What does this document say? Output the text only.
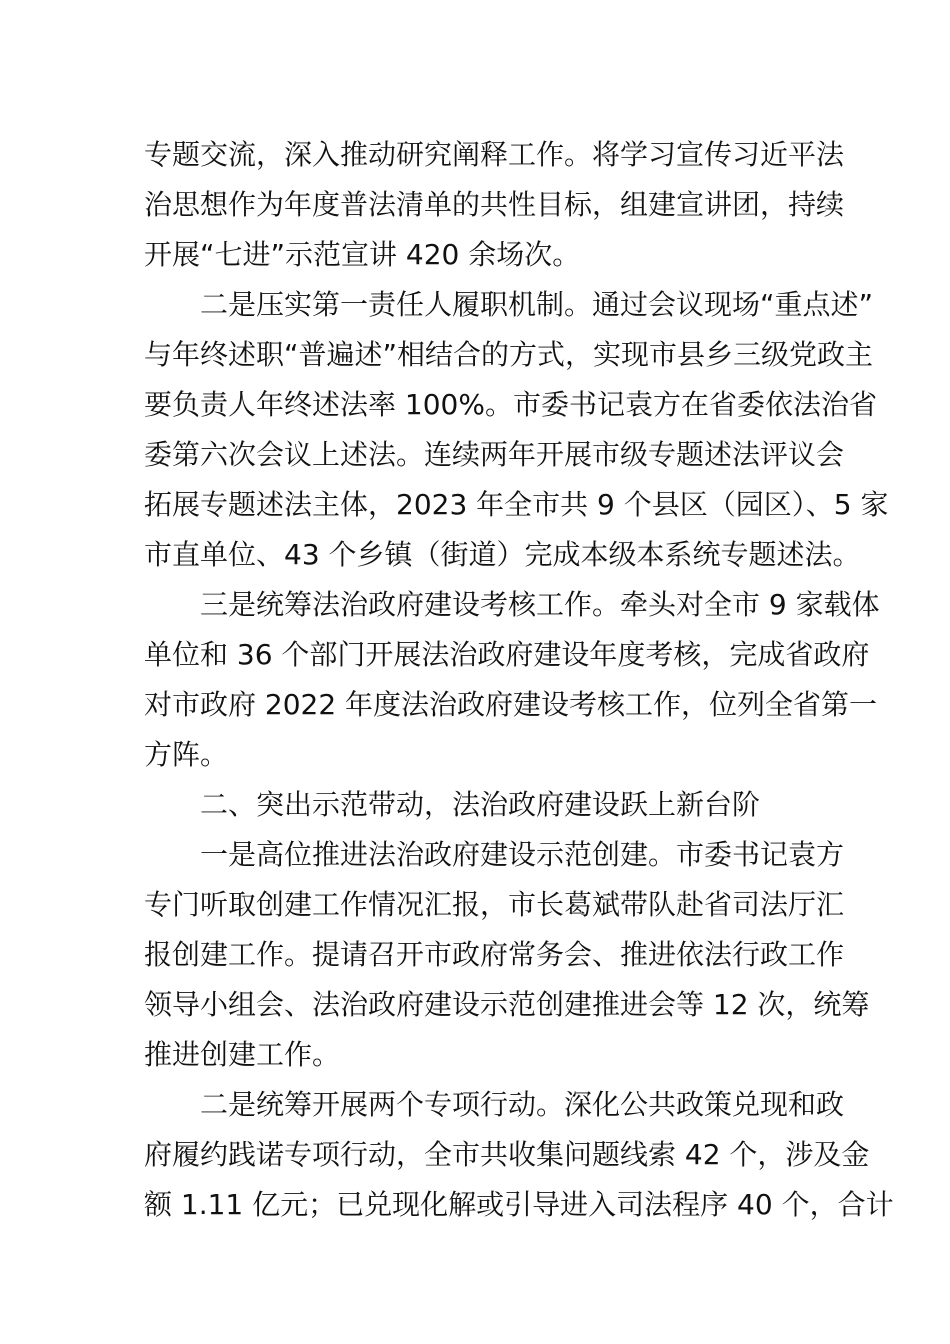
专题交流，深入推动研究阐释工作。将学习宣传习近平法
治思想作为年度普法清单的共性目标，组建宣讲团，持续
开展“七进”示范宣讲 420 余场次。
二是压实第一责任人履职机制。通过会议现场“重点述”
与年终述职“普遍述”相结合的方式，实现市县乡三级党政主
要负责人年终述法率 100%。市委书记袁方在省委依法治省
委第六次会议上述法。连续两年开展市级专题述法评议会
拓展专题述法主体，2023 年全市共 9 个县区（园区）、5 家
市直单位、43 个乡镇（街道）完成本级本系统专题述法。
三是统筹法治政府建设考核工作。牵头对全市 9 家载体
单位和 36 个部门开展法治政府建设年度考核，完成省政府
对市政府 2022 年度法治政府建设考核工作，位列全省第一
方阵。
二、突出示范带动，法治政府建设跃上新台阶
一是高位推进法治政府建设示范创建。市委书记袁方
专门听取创建工作情况汇报，市长葛斌带队赴省司法厅汇
报创建工作。提请召开市政府常务会、推进依法行政工作
领导小组会、法治政府建设示范创建推进会等 12 次，统筹
推进创建工作。
二是统筹开展两个专项行动。深化公共政策兑现和政
府履约践诺专项行动，全市共收集问题线索 42 个，涉及金
额 1.11 亿元；已兑现化解或引导进入司法程序 40 个，合计
